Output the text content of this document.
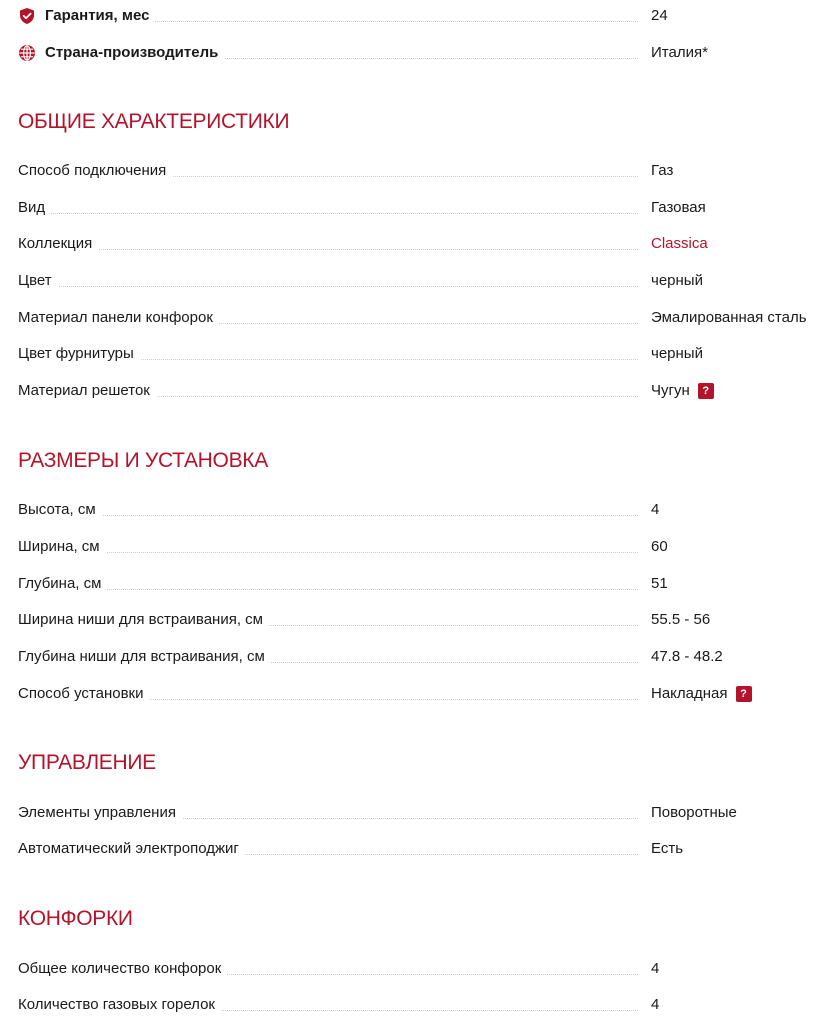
Гарантия, мес	24
Страна-производитель	Италия*
ОБЩИЕ ХАРАКТЕРИСТИКИ
Способ подключения	Газ
Вид	Газовая
Коллекция	Classica
Цвет	черный
Материал панели конфорок	Эмалированная сталь
Цвет фурнитуры	черный
Материал решеток	Чугун ?
РАЗМЕРЫ И УСТАНОВКА
Высота, см	4
Ширина, см	60
Глубина, см	51
Ширина ниши для встраивания, см	55.5 - 56
Глубина ниши для встраивания, см	47.8 - 48.2
Способ установки	Накладная ?
УПРАВЛЕНИЕ
Элементы управления	Поворотные
Автоматический электроподжиг	Есть
КОНФОРКИ
Общее количество конфорок	4
Количество газовых горелок	4
